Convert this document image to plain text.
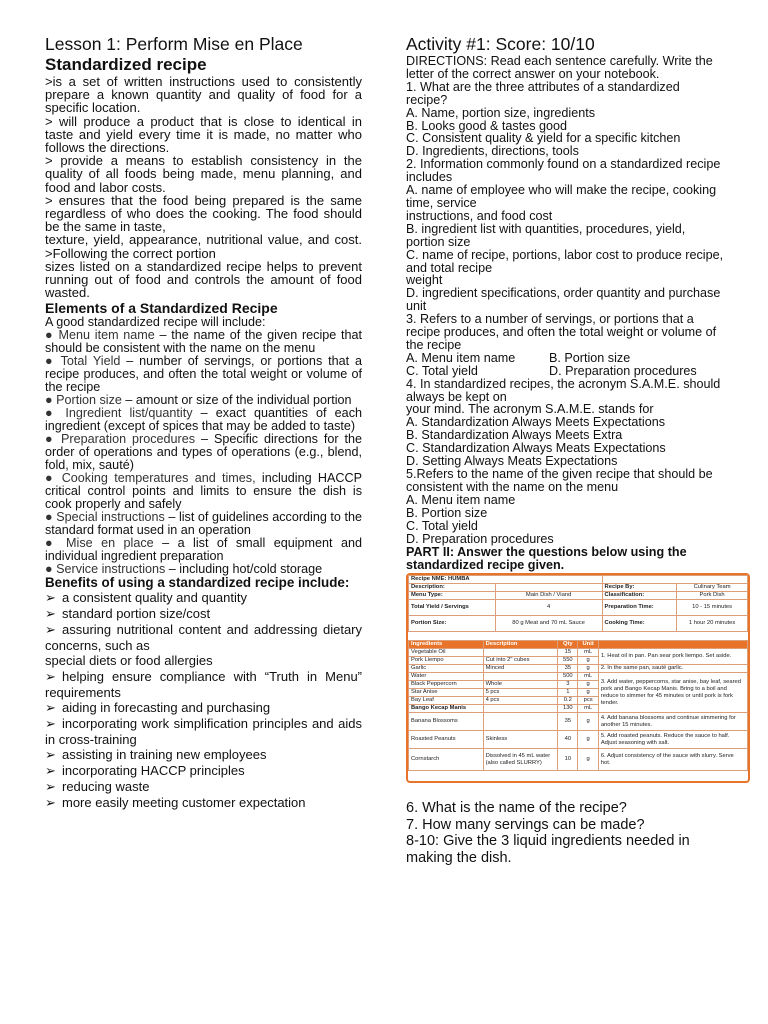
Lesson 1: Perform Mise en Place
Standardized recipe

>is a set of written instructions used to consistently prepare a known quantity and quality of food for a specific location.

> will produce a product that is close to identical in taste and yield every time it is made, no matter who follows the directions.

> provide a means to establish consistency in the quality of all foods being made, menu planning, and food and labor costs.

> ensures that the food being prepared is the same regardless of who does the cooking. The food should be the same in taste,

texture, yield, appearance, nutritional value, and cost. >Following the correct portion

sizes listed on a standardized recipe helps to prevent running out of food and controls the amount of food wasted.

Elements of a Standardized Recipe

A good standardized recipe will include:

● Menu item name – the name of the given recipe that should be consistent with the name on the menu

● Total Yield – number of servings, or portions that a recipe produces, and often the total weight or volume of the recipe

● Portion size – amount or size of the individual portion

● Ingredient list/quantity – exact quantities of each ingredient (except of spices that may be added to taste)

● Preparation procedures – Specific directions for the order of operations and types of operations (e.g., blend, fold, mix, sauté)

● Cooking temperatures and times, including HACCP critical control points and limits to ensure the dish is cook properly and safely

● Special instructions – list of guidelines according to the standard format used in an operation

● Mise en place – a list of small equipment and individual ingredient preparation

● Service instructions – including hot/cold storage

Benefits of using a standardized recipe include:

➢ a consistent quality and quantity

➢ standard portion size/cost

➢ assuring nutritional content and addressing dietary concerns, such as

special diets or food allergies

➢ helping ensure compliance with “Truth in Menu” requirements

➢ aiding in forecasting and purchasing

➢ incorporating work simplification principles and aids in cross-training

➢ assisting in training new employees

➢ incorporating HACCP principles

➢ reducing waste

➢ more easily meeting customer expectation

Activity #1: Score: 10/10

DIRECTIONS: Read each sentence carefully. Write the letter of the correct answer on your notebook.

1. What are the three attributes of a standardized recipe?

A. Name, portion size, ingredients

B. Looks good & tastes good

C. Consistent quality & yield for a specific kitchen

D. Ingredients, directions, tools

2. Information commonly found on a standardized recipe includes

A. name of employee who will make the recipe, cooking time, service

instructions, and food cost

B. ingredient list with quantities, procedures, yield, portion size

C. name of recipe, portions, labor cost to produce recipe, and total recipe

weight

D. ingredient specifications, order quantity and purchase unit

3. Refers to a number of servings, or portions that a recipe produces, and often the total weight or volume of the recipe

A. Menu item name	B. Portion size
C. Total yield	D. Preparation procedures

4. In standardized recipes, the acronym S.A.M.E. should always be kept on

your mind. The acronym S.A.M.E. stands for

A. Standardization Always Meets Expectations

B. Standardization Always Meets Extra

C. Standardization Always Meats Expectations

D. Setting Always Meats Expectations

5.Refers to the name of the given recipe that should be consistent with the name on the menu

A. Menu item name

B. Portion size

C. Total yield

D. Preparation procedures

PART II: Answer the questions below using the standardized recipe given.

Recipe NME: HUMBA			
Description:		Recipe By:	Culinary Team
Menu Type:	Main Dish / Viand	Classification:	Pork Dish
Total Yield / Servings	4	Preparation Time:	10 - 15 minutes
Portion Size:	80 g Meat and 70 mL Sauce	Cooking Time:	1 hour 20 minutes
Ingredients	Description	Qty	Unit	
Vegetable Oil		15	mL	1. Heat oil in pan. Pan sear pork liempo. Set aside.
Pork Liempo	Cut into 2" cubes	550	g	
Garlic	Minced	35	g	2. In the same pan, sauté garlic.
Water		500	mL	3. Add water, peppercorns, star anise, bay leaf, seared pork and Bango Kecap Manis. Bring to a boil and reduce to simmer for 45 minutes or until pork is fork tender.
Black Peppercorn	Whole	3	g	
Star Anise	5 pcs	1	g	
Bay Leaf	4 pcs	0.2	pcs	
Bango Kecap Manis		130	mL	
Banana Blossoms		35	g	4. Add banana blossoms and continue simmering for another 15 minutes.
Roasted Peanuts	Skinless	40	g	5. Add roasted peanuts. Reduce the sauce to half. Adjust seasoning with salt.
Cornstarch	Dissolved in 45 mL water (also called SLURRY)	10	g	6. Adjust consistency of the sauce with slurry. Serve hot.

6. What is the name of the recipe?

7. How many servings can be made?

8-10: Give the 3 liquid ingredients needed in making the dish.
